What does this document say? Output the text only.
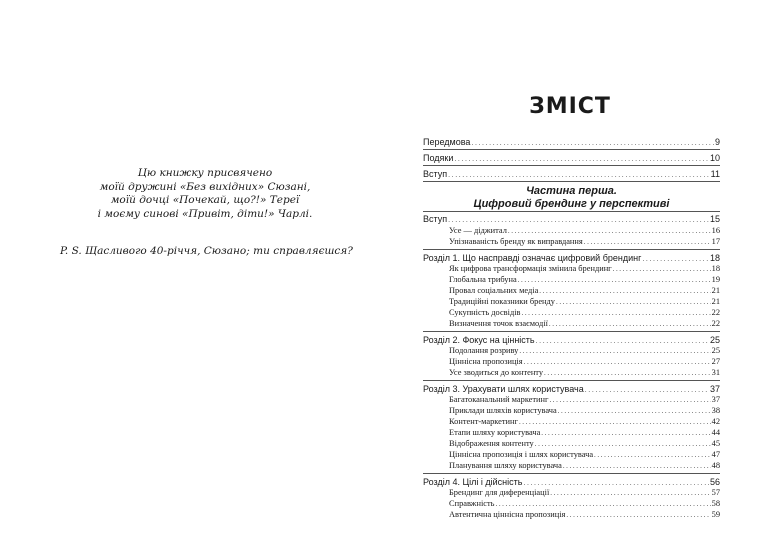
Цю книжку присвячено
моїй дружині «Без вихідних» Сюзані,
моїй дочці «Почекай, що?!» Тереї
і моєму синові «Привіт, діти!» Чарлі.
P. S. Щасливого 40-річчя, Сюзано; ти справляєшся?
ЗМІСТ
Передмова .....	9
Подяки .....	10
Вступ .....	11
Частина перша.
Цифровий брендинг у перспективі
Вступ .....	15
Усе — діджитал .....	16
Упізнаваність бренду як виправдання .....	17
Розділ 1. Що насправді означає цифровий брендинг .....	18
Як цифрова трансформація змінила брендинг .....	18
Глобальна трибуна .....	19
Провал соціальних медіа .....	21
Традиційні показники бренду .....	21
Сукупність досвідів .....	22
Визначення точок взаємодії .....	22
Розділ 2. Фокус на цінність .....	25
Подолання розриву .....	25
Ціннісна пропозиція .....	27
Усе зводиться до контенту .....	31
Розділ 3. Урахувати шлях користувача .....	37
Багатоканальний маркетинг .....	37
Приклади шляхів користувача .....	38
Контент-маркетинг .....	42
Етапи шляху користувача .....	44
Відображення контенту .....	45
Ціннісна пропозиція і шлях користувача .....	47
Планування шляху користувача .....	48
Розділ 4. Цілі і дійсність .....	56
Брендинг для диференціації .....	57
Справжність .....	58
Автентична ціннісна пропозиція .....	59
